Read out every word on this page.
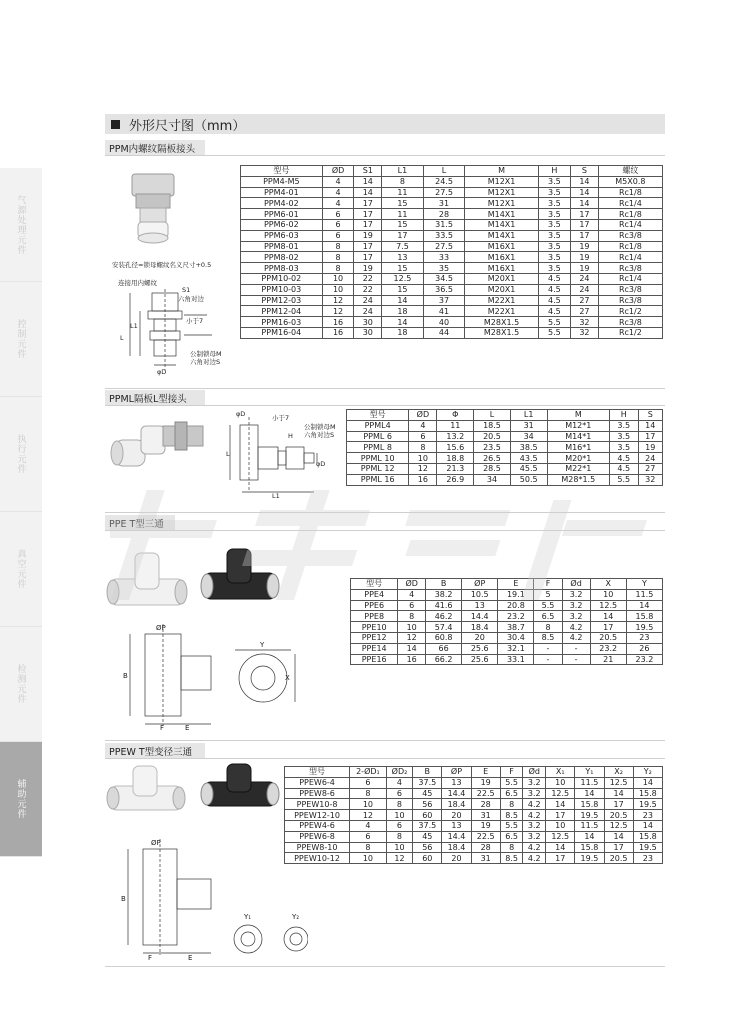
气源处理元件
控制元件
执行元件
真空元件
检测元件
辅助元件
外形尺寸图（mm）
PPM内螺纹隔板接头
安装孔径=锁母螺纹名义尺寸+0.5
连接用内螺纹
S1
六角对边
L
L1
小于7
公制锁母M
六角对边S
φD
型号	ØD	S1	L1	L	M	H	S	螺纹
PPM4-M5	4	14	8	24.5	M12X1	3.5	14	M5X0.8
PPM4-01	4	14	11	27.5	M12X1	3.5	14	Rc1/8
PPM4-02	4	17	15	31	M12X1	3.5	14	Rc1/4
PPM6-01	6	17	11	28	M14X1	3.5	17	Rc1/8
PPM6-02	6	17	15	31.5	M14X1	3.5	17	Rc1/4
PPM6-03	6	19	17	33.5	M14X1	3.5	17	Rc3/8
PPM8-01	8	17	7.5	27.5	M16X1	3.5	19	Rc1/8
PPM8-02	8	17	13	33	M16X1	3.5	19	Rc1/4
PPM8-03	8	19	15	35	M16X1	3.5	19	Rc3/8
PPM10-02	10	22	12.5	34.5	M20X1	4.5	24	Rc1/4
PPM10-03	10	22	15	36.5	M20X1	4.5	24	Rc3/8
PPM12-03	12	24	14	37	M22X1	4.5	27	Rc3/8
PPM12-04	12	24	18	41	M22X1	4.5	27	Rc1/2
PPM16-03	16	30	14	40	M28X1.5	5.5	32	Rc3/8
PPM16-04	16	30	18	44	M28X1.5	5.5	32	Rc1/2
PPML隔板L型接头
φD	小于7
公制锁母M
六角对边S
H
φD
L
L1
型号	ØD	Φ	L	L1	M	H	S
PPML4	4	11	18.5	31	M12*1	3.5	14
PPML 6	6	13.2	20.5	34	M14*1	3.5	17
PPML 8	8	15.6	23.5	38.5	M16*1	3.5	19
PPML 10	10	18.8	26.5	43.5	M20*1	4.5	24
PPML 12	12	21.3	28.5	45.5	M22*1	4.5	27
PPML 16	16	26.9	34	50.5	M28*1.5	5.5	32
PPE T型三通
B
ØP
F	E
Y
X
型号	ØD	B	ØP	E	F	Ød	X	Y
PPE4	4	38.2	10.5	19.1	5	3.2	10	11.5
PPE6	6	41.6	13	20.8	5.5	3.2	12.5	14
PPE8	8	46.2	14.4	23.2	6.5	3.2	14	15.8
PPE10	10	57.4	18.4	38.7	8	4.2	17	19.5
PPE12	12	60.8	20	30.4	8.5	4.2	20.5	23
PPE14	14	66	25.6	32.1	-	-	23.2	26
PPE16	16	66.2	25.6	33.1	-	-	21	23.2
PPEW T型变径三通
B
ØP
F	E
Y₁	Y₂
型号	2-ØD₁	ØD₂	B	ØP	E	F	Ød	X₁	Y₁	X₂	Y₂
PPEW6-4	6	4	37.5	13	19	5.5	3.2	10	11.5	12.5	14
PPEW8-6	8	6	45	14.4	22.5	6.5	3.2	12.5	14	14	15.8
PPEW10-8	10	8	56	18.4	28	8	4.2	14	15.8	17	19.5
PPEW12-10	12	10	60	20	31	8.5	4.2	17	19.5	20.5	23
PPEW4-6	4	6	37.5	13	19	5.5	3.2	10	11.5	12.5	14
PPEW6-8	6	8	45	14.4	22.5	6.5	3.2	12.5	14	14	15.8
PPEW8-10	8	10	56	18.4	28	8	4.2	14	15.8	17	19.5
PPEW10-12	10	12	60	20	31	8.5	4.2	17	19.5	20.5	23
